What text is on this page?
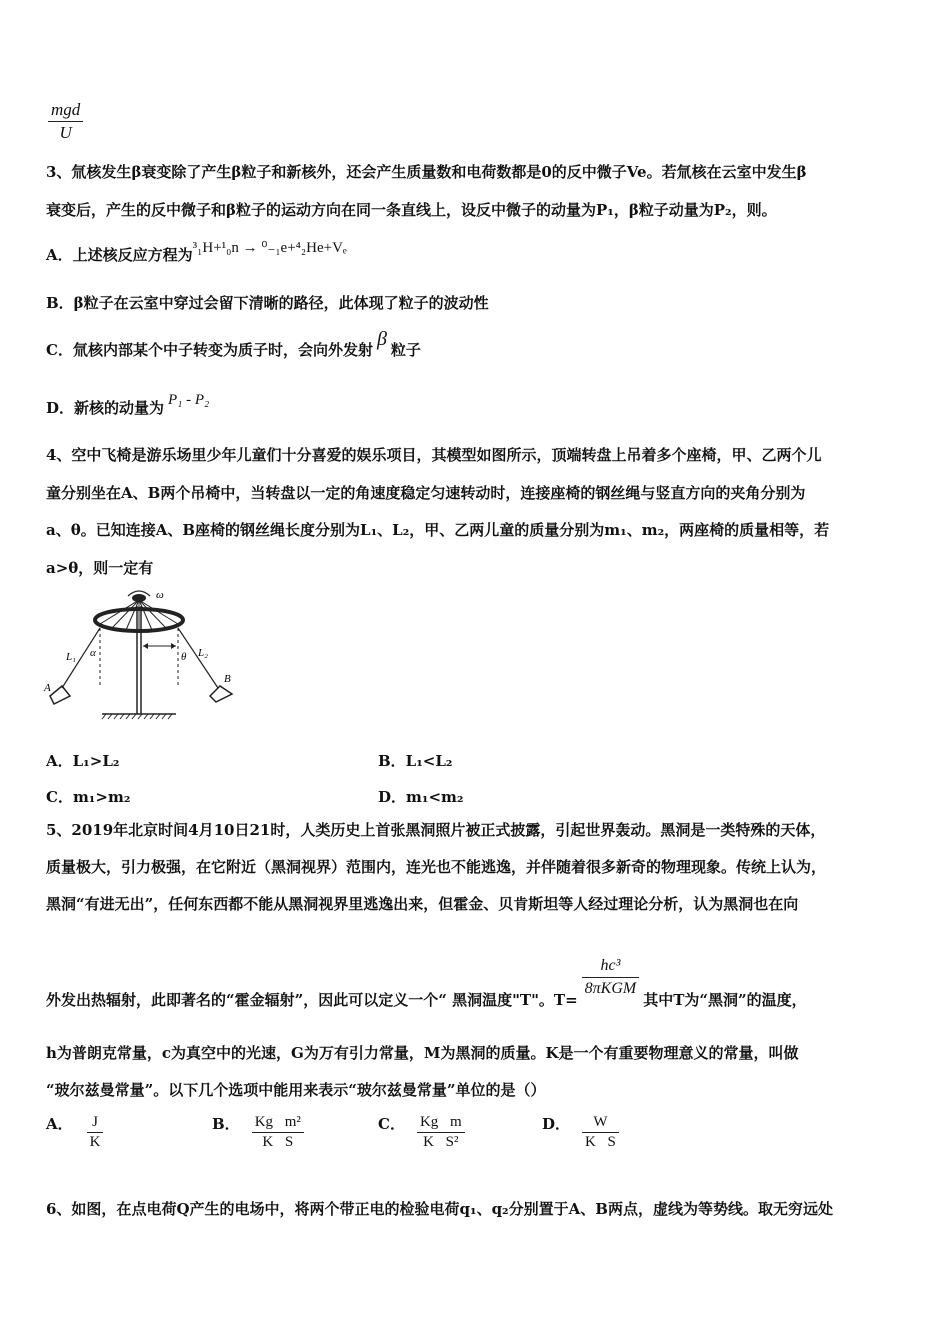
$\frac{\text{mgd}}{U}$
3、氚核发生β衰变除了产生β粒子和新核外，还会产生质量数和电荷数都是0的反中微子Ve。若氚核在云室中发生β
衰变后，产生的反中微子和β粒子的运动方向在同一条直线上，设反中微子的动量为P₁，β粒子动量为P₂，则。
A．上述核反应方程为³₁H+¹₀n → ⁰₋₁e+⁴₂He+Vₑ
B．β粒子在云室中穿过会留下清晰的路径，此体现了粒子的波动性
C．氚核内部某个中子转变为质子时，会向外发射 β 粒子
D．新核的动量为 P₁ - P₂
4、空中飞椅是游乐场里少年儿童们十分喜爱的娱乐项目，其模型如图所示，顶端转盘上吊着多个座椅，甲、乙两个儿
童分别坐在A、B两个吊椅中，当转盘以一定的角速度稳定匀速转动时，连接座椅的钢丝绳与竖直方向的夹角分别为
a、θ。已知连接A、B座椅的钢丝绳长度分别为L₁、L₂，甲、乙两儿童的质量分别为m₁、m₂，两座椅的质量相等，若
a>θ，则一定有
ω
L₁ α	θ L₂
A
B
A．L₁>L₂	B．L₁<L₂
C．m₁>m₂	D．m₁<m₂
5、2019年北京时间4月10日21时，人类历史上首张黑洞照片被正式披露，引起世界轰动。黑洞是一类特殊的天体，
质量极大，引力极强，在它附近（黑洞视界）范围内，连光也不能逃逸，并伴随着很多新奇的物理现象。传统上认为，
黑洞“有进无出”，任何东西都不能从黑洞视界里逃逸出来，但霍金、贝肯斯坦等人经过理论分析，认为黑洞也在向
外发出热辐射，此即著名的“霍金辐射”，因此可以定义一个“ 黑洞温度"T"。T=
$\frac{\text{hc³}}{\text{8πKGM}}$
其中T为“黑洞”的温度，
h为普朗克常量，c为真空中的光速，G为万有引力常量，M为黑洞的质量。K是一个有重要物理意义的常量，叫做
“玻尔兹曼常量”。以下几个选项中能用来表示“玻尔兹曼常量”单位的是（）
A． $\frac{J}{K}$	B． $\frac{\text{Kg⃞m²}}{K⃞S}$	C． $\frac{Kg⃞m}{\text{K⃞S²}}$	D． $\frac{W}{K⃞S}$
6、如图，在点电荷Q产生的电场中，将两个带正电的检验电荷q₁、q₂分别置于A、B两点，虚线为等势线。取无穷远处
